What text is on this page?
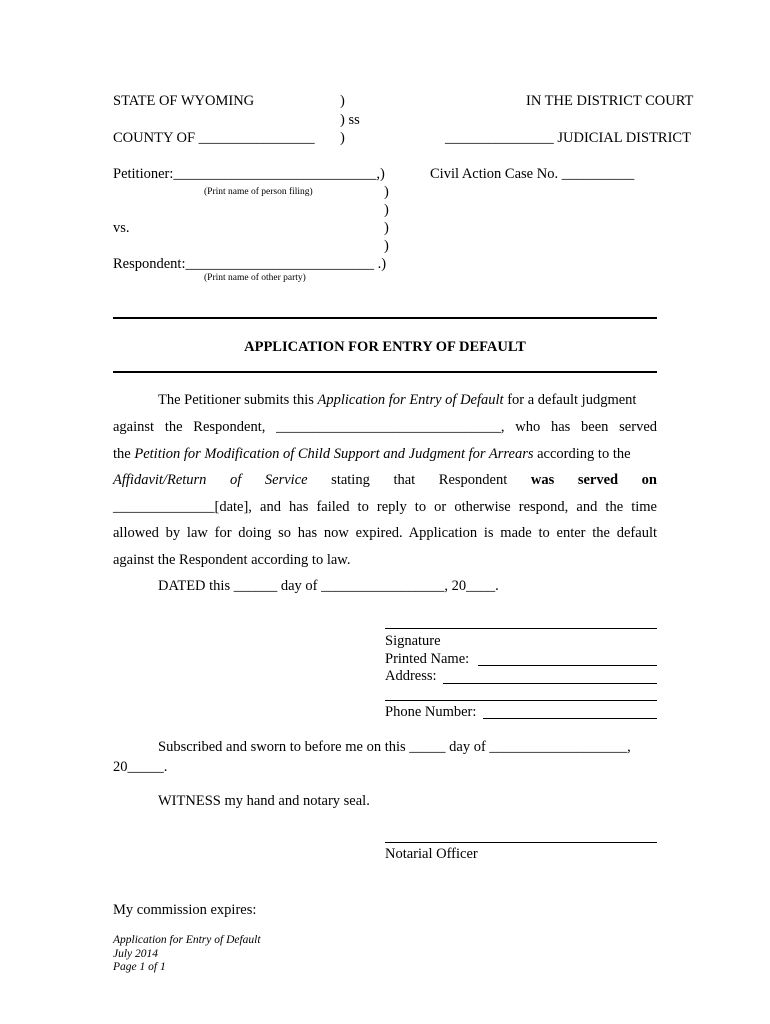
STATE OF WYOMING	)	IN THE DISTRICT COURT
) ss
COUNTY OF ________________ )	_______________ JUDICIAL DISTRICT
Petitioner:____________________________,)	Civil Action Case No. __________
(Print name of person filing)	)
)
vs.	)
)
Respondent:__________________________ .)
(Print name of other party)
APPLICATION FOR ENTRY OF DEFAULT
The Petitioner submits this Application for Entry of Default for a default judgment
against the Respondent, _______________________________, who has been served
the Petition for Modification of Child Support and Judgment for Arrears according to the
Affidavit/Return of Service stating that Respondent was served on
______________[date], and has failed to reply to or otherwise respond, and the time
allowed by law for doing so has now expired. Application is made to enter the default
against the Respondent according to law.
DATED this ______ day of _________________, 20____.
Signature
Printed Name:
Address:
Phone Number:
Subscribed and sworn to before me on this _____ day of ___________________,
20_____.
WITNESS my hand and notary seal.
Notarial Officer
My commission expires:
Application for Entry of Default
July 2014
Page 1 of 1
